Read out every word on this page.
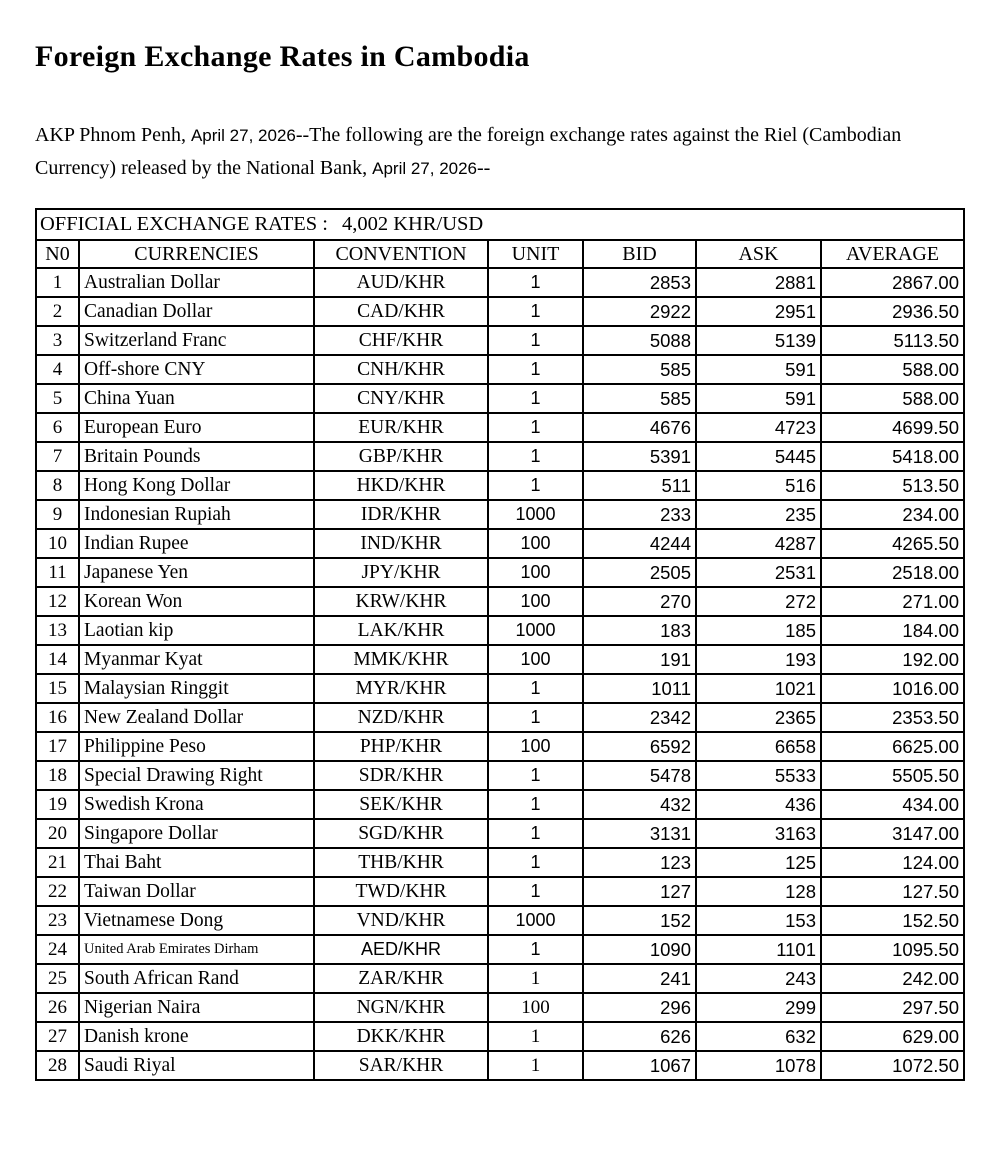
Foreign Exchange Rates in Cambodia

AKP Phnom Penh, April 27, 2026--The following are the foreign exchange rates against the Riel (Cambodian Currency) released by the National Bank, April 27, 2026--

OFFICIAL EXCHANGE RATES : 4,002 KHR/USD						
N0	CURRENCIES	CONVENTION	UNIT	BID	ASK	AVERAGE
1	Australian Dollar	AUD/KHR	1	2853	2881	2867.00
2	Canadian Dollar	CAD/KHR	1	2922	2951	2936.50
3	Switzerland Franc	CHF/KHR	1	5088	5139	5113.50
4	Off-shore CNY	CNH/KHR	1	585	591	588.00
5	China Yuan	CNY/KHR	1	585	591	588.00
6	European Euro	EUR/KHR	1	4676	4723	4699.50
7	Britain Pounds	GBP/KHR	1	5391	5445	5418.00
8	Hong Kong Dollar	HKD/KHR	1	511	516	513.50
9	Indonesian Rupiah	IDR/KHR	1000	233	235	234.00
10	Indian Rupee	IND/KHR	100	4244	4287	4265.50
11	Japanese Yen	JPY/KHR	100	2505	2531	2518.00
12	Korean Won	KRW/KHR	100	270	272	271.00
13	Laotian kip	LAK/KHR	1000	183	185	184.00
14	Myanmar Kyat	MMK/KHR	100	191	193	192.00
15	Malaysian Ringgit	MYR/KHR	1	1011	1021	1016.00
16	New Zealand Dollar	NZD/KHR	1	2342	2365	2353.50
17	Philippine Peso	PHP/KHR	100	6592	6658	6625.00
18	Special Drawing Right	SDR/KHR	1	5478	5533	5505.50
19	Swedish Krona	SEK/KHR	1	432	436	434.00
20	Singapore Dollar	SGD/KHR	1	3131	3163	3147.00
21	Thai Baht	THB/KHR	1	123	125	124.00
22	Taiwan Dollar	TWD/KHR	1	127	128	127.50
23	Vietnamese Dong	VND/KHR	1000	152	153	152.50
24	United Arab Emirates Dirham	AED/KHR	1	1090	1101	1095.50
25	South African Rand	ZAR/KHR	1	241	243	242.00
26	Nigerian Naira	NGN/KHR	100	296	299	297.50
27	Danish krone	DKK/KHR	1	626	632	629.00
28	Saudi Riyal	SAR/KHR	1	1067	1078	1072.50
